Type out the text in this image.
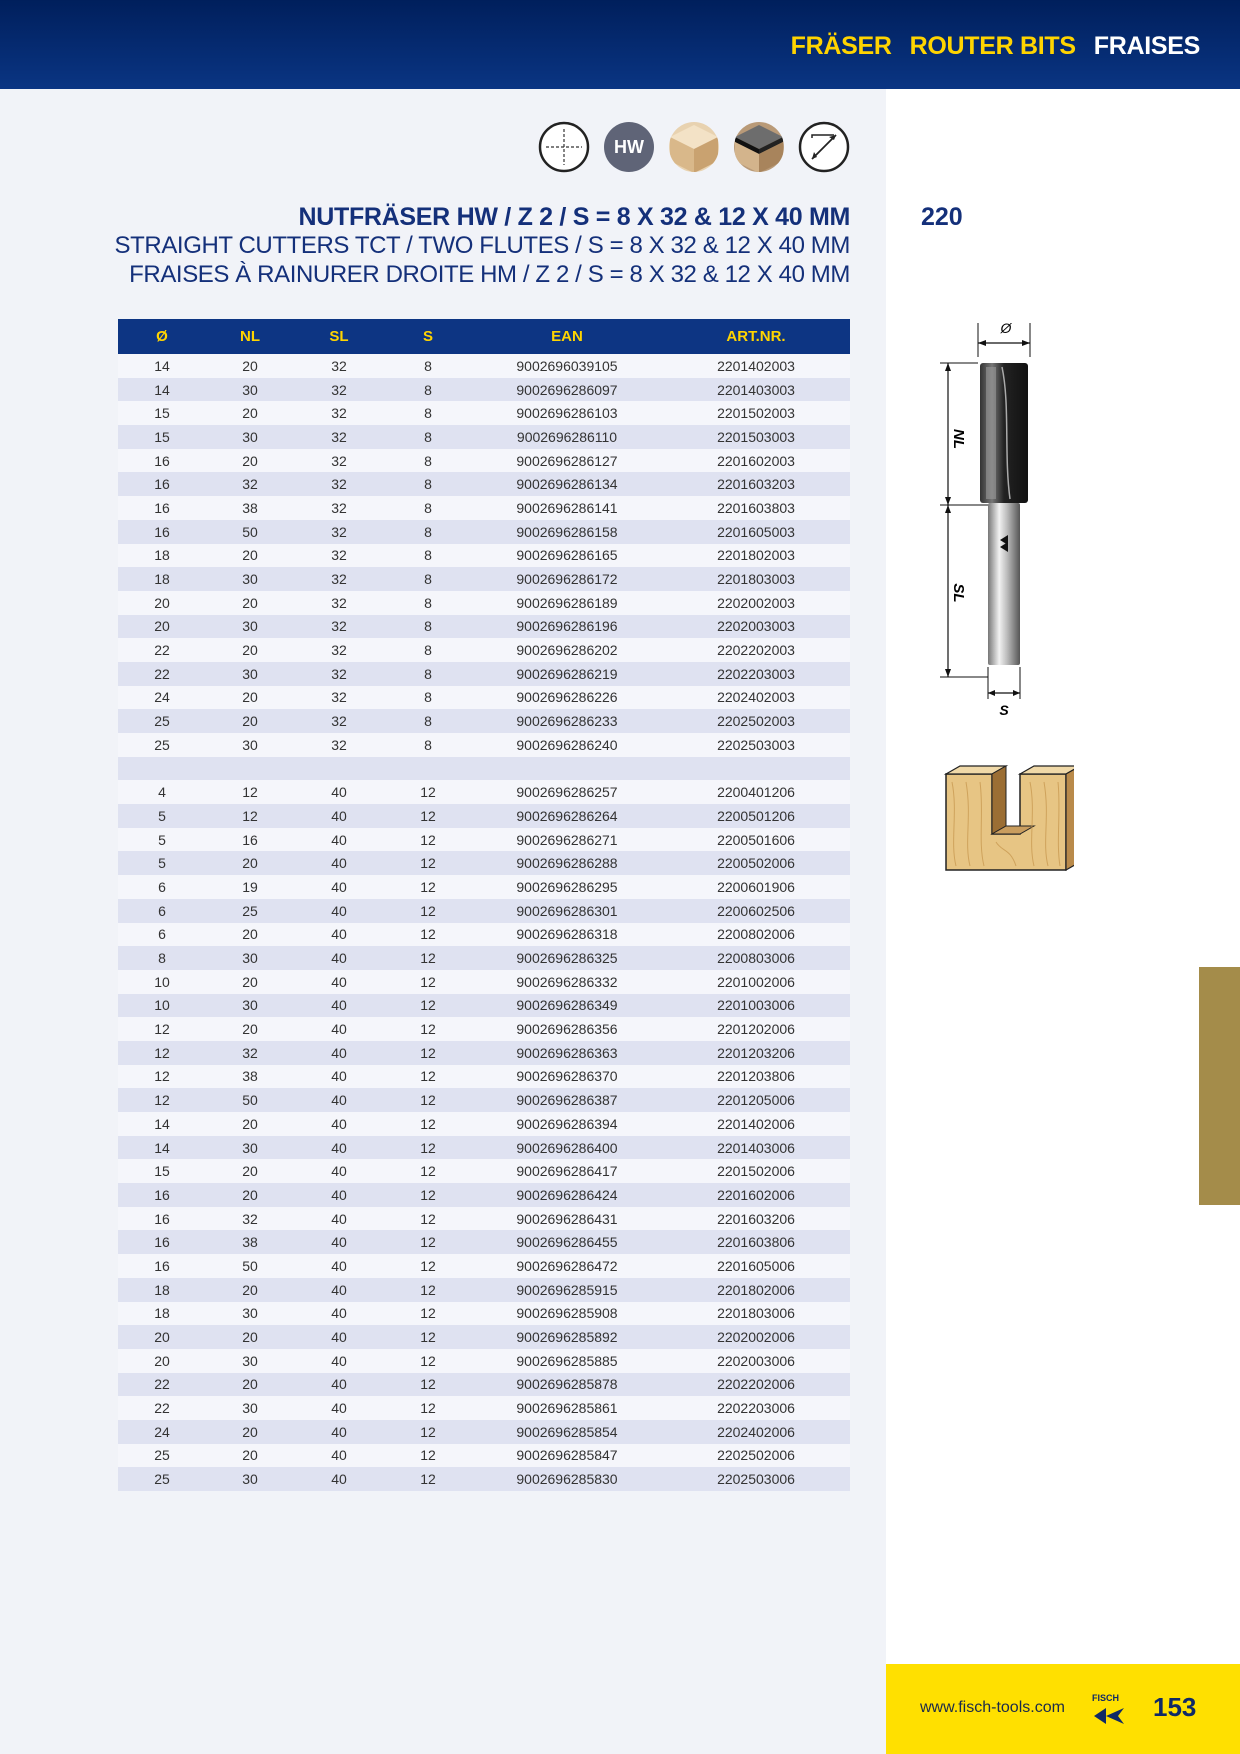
FRÄSER ROUTER BITS FRAISES
HW
NUTFRÄSER HW / Z 2 / S = 8 X 32 & 12 X 40 MM
STRAIGHT CUTTERS TCT / TWO FLUTES / S = 8 X 32 & 12 X 40 MM
FRAISES À RAINURER DROITE HM / Z 2 / S = 8 X 32 & 12 X 40 MM
220
Ø	NL	SL	S	EAN	ART.NR.
14	20	32	8	9002696039105	2201402003
14	30	32	8	9002696286097	2201403003
15	20	32	8	9002696286103	2201502003
15	30	32	8	9002696286110	2201503003
16	20	32	8	9002696286127	2201602003
16	32	32	8	9002696286134	2201603203
16	38	32	8	9002696286141	2201603803
16	50	32	8	9002696286158	2201605003
18	20	32	8	9002696286165	2201802003
18	30	32	8	9002696286172	2201803003
20	20	32	8	9002696286189	2202002003
20	30	32	8	9002696286196	2202003003
22	20	32	8	9002696286202	2202202003
22	30	32	8	9002696286219	2202203003
24	20	32	8	9002696286226	2202402003
25	20	32	8	9002696286233	2202502003
25	30	32	8	9002696286240	2202503003

4	12	40	12	9002696286257	2200401206
5	12	40	12	9002696286264	2200501206
5	16	40	12	9002696286271	2200501606
5	20	40	12	9002696286288	2200502006
6	19	40	12	9002696286295	2200601906
6	25	40	12	9002696286301	2200602506
6	20	40	12	9002696286318	2200802006
8	30	40	12	9002696286325	2200803006
10	20	40	12	9002696286332	2201002006
10	30	40	12	9002696286349	2201003006
12	20	40	12	9002696286356	2201202006
12	32	40	12	9002696286363	2201203206
12	38	40	12	9002696286370	2201203806
12	50	40	12	9002696286387	2201205006
14	20	40	12	9002696286394	2201402006
14	30	40	12	9002696286400	2201403006
15	20	40	12	9002696286417	2201502006
16	20	40	12	9002696286424	2201602006
16	32	40	12	9002696286431	2201603206
16	38	40	12	9002696286455	2201603806
16	50	40	12	9002696286472	2201605006
18	20	40	12	9002696285915	2201802006
18	30	40	12	9002696285908	2201803006
20	20	40	12	9002696285892	2202002006
20	30	40	12	9002696285885	2202003006
22	20	40	12	9002696285878	2202202006
22	30	40	12	9002696285861	2202203006
24	20	40	12	9002696285854	2202402006
25	20	40	12	9002696285847	2202502006
25	30	40	12	9002696285830	2202503006
Ø
NL
SL
S
www.fisch-tools.com
FISCH 153
